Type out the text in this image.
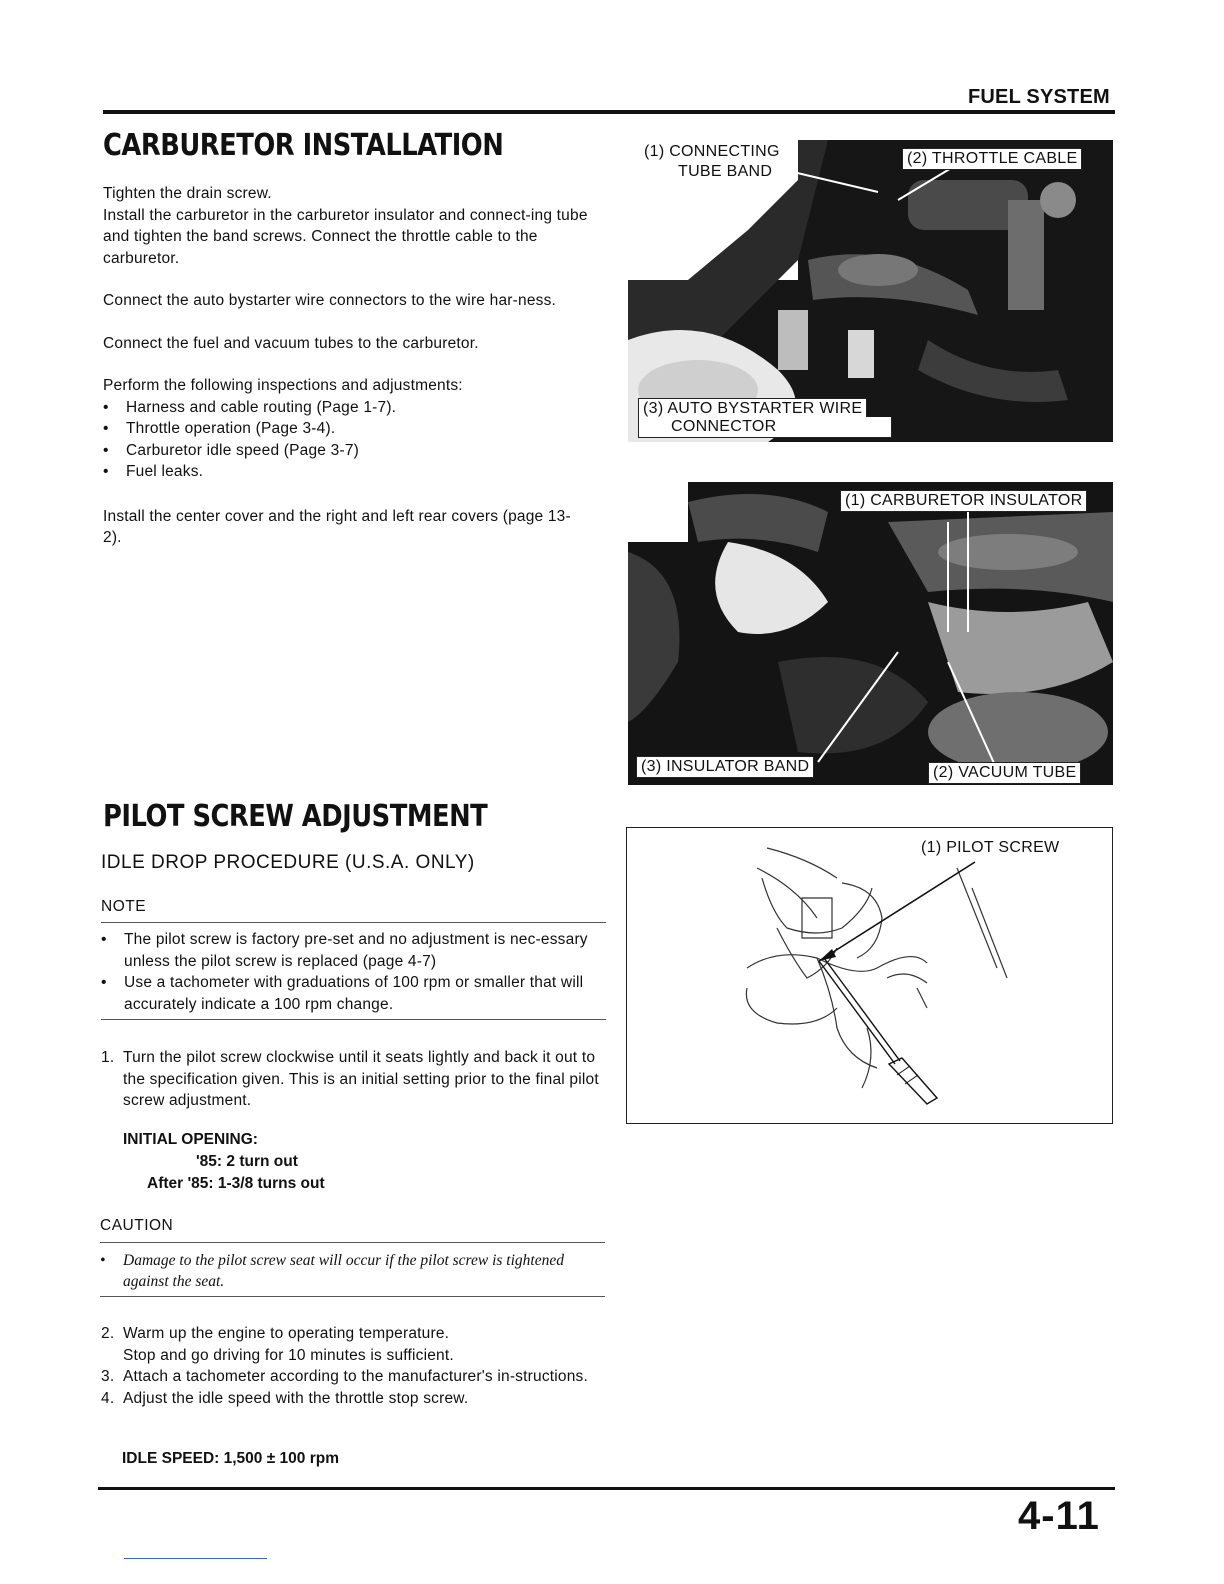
FUEL SYSTEM
CARBURETOR INSTALLATION

Tighten the drain screw.

Install the carburetor in the carburetor insulator and connect-ing tube and tighten the band screws. Connect the throttle cable to the carburetor.

Connect the auto bystarter wire connectors to the wire har-ness.

Connect the fuel and vacuum tubes to the carburetor.

Perform the following inspections and adjustments:

• Harness and cable routing (Page 1-7).
• Throttle operation (Page 3-4).
• Carburetor idle speed (Page 3-7)
• Fuel leaks.

Install the center cover and the right and left rear covers (page 13-2).

(1) CONNECTING
TUBE BAND
(2) THROTTLE CABLE
(3) AUTO BYSTARTER WIRE
CONNECTOR
(1) CARBURETOR INSULATOR
(3) INSULATOR BAND	(2) VACUUM TUBE
PILOT SCREW ADJUSTMENT
IDLE DROP PROCEDURE (U.S.A. ONLY)
NOTE
• The pilot screw is factory pre-set and no adjustment is nec-essary unless the pilot screw is replaced (page 4-7)
• Use a tachometer with graduations of 100 rpm or smaller that will accurately indicate a 100 rpm change.
1. Turn the pilot screw clockwise until it seats lightly and back it out to the specification given. This is an initial setting prior to the final pilot screw adjustment.
INITIAL OPENING:
'85: 2 turn out
After '85: 1-3/8 turns out
CAUTION
• Damage to the pilot screw seat will occur if the pilot screw is tightened against the seat.
2. Warm up the engine to operating temperature.
Stop and go driving for 10 minutes is sufficient.
3. Attach a tachometer according to the manufacturer's in-structions.
4. Adjust the idle speed with the throttle stop screw.
IDLE SPEED: 1,500 ± 100 rpm
(1) PILOT SCREW
4-11
